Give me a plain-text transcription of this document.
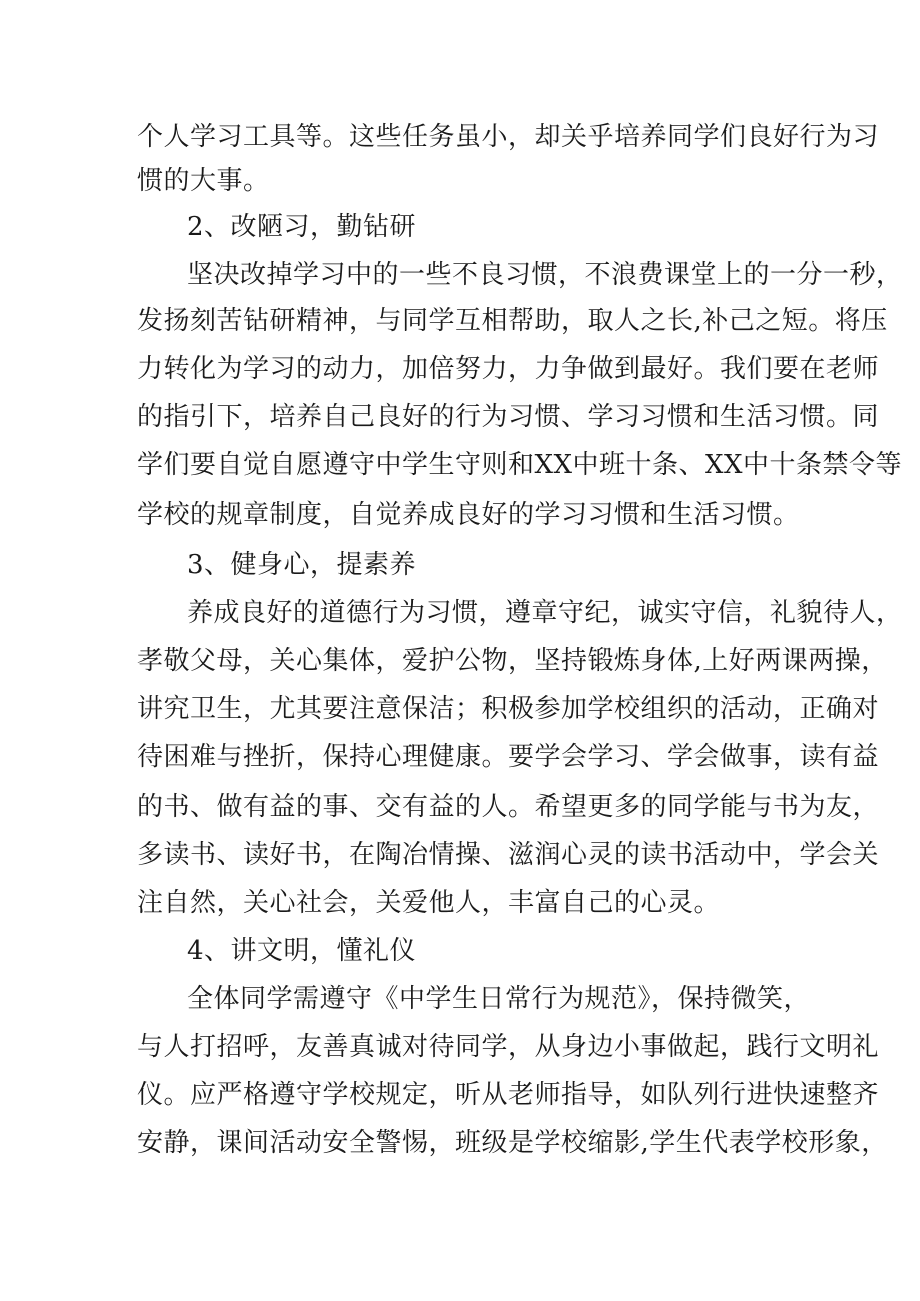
个人学习工具等。这些任务虽小，却关乎培养同学们良好行为习
惯的大事。
2、改陋习，勤钻研
坚决改掉学习中的一些不良习惯，不浪费课堂上的一分一秒，
发扬刻苦钻研精神，与同学互相帮助，取人之长,补己之短。将压
力转化为学习的动力，加倍努力，力争做到最好。我们要在老师
的指引下，培养自己良好的行为习惯、学习习惯和生活习惯。同
学们要自觉自愿遵守中学生守则和XX中班十条、XX中十条禁令等
学校的规章制度，自觉养成良好的学习习惯和生活习惯。
3、健身心，提素养
养成良好的道德行为习惯，遵章守纪，诚实守信，礼貌待人，
孝敬父母，关心集体，爱护公物，坚持锻炼身体,上好两课两操，
讲究卫生，尤其要注意保洁；积极参加学校组织的活动，正确对
待困难与挫折，保持心理健康。要学会学习、学会做事，读有益
的书、做有益的事、交有益的人。希望更多的同学能与书为友，
多读书、读好书，在陶冶情操、滋润心灵的读书活动中，学会关
注自然，关心社会，关爱他人，丰富自己的心灵。
4、讲文明，懂礼仪
全体同学需遵守《中学生日常行为规范》，保持微笑，
与人打招呼，友善真诚对待同学，从身边小事做起，践行文明礼
仪。应严格遵守学校规定，听从老师指导，如队列行进快速整齐
安静，课间活动安全警惕，班级是学校缩影,学生代表学校形象，
